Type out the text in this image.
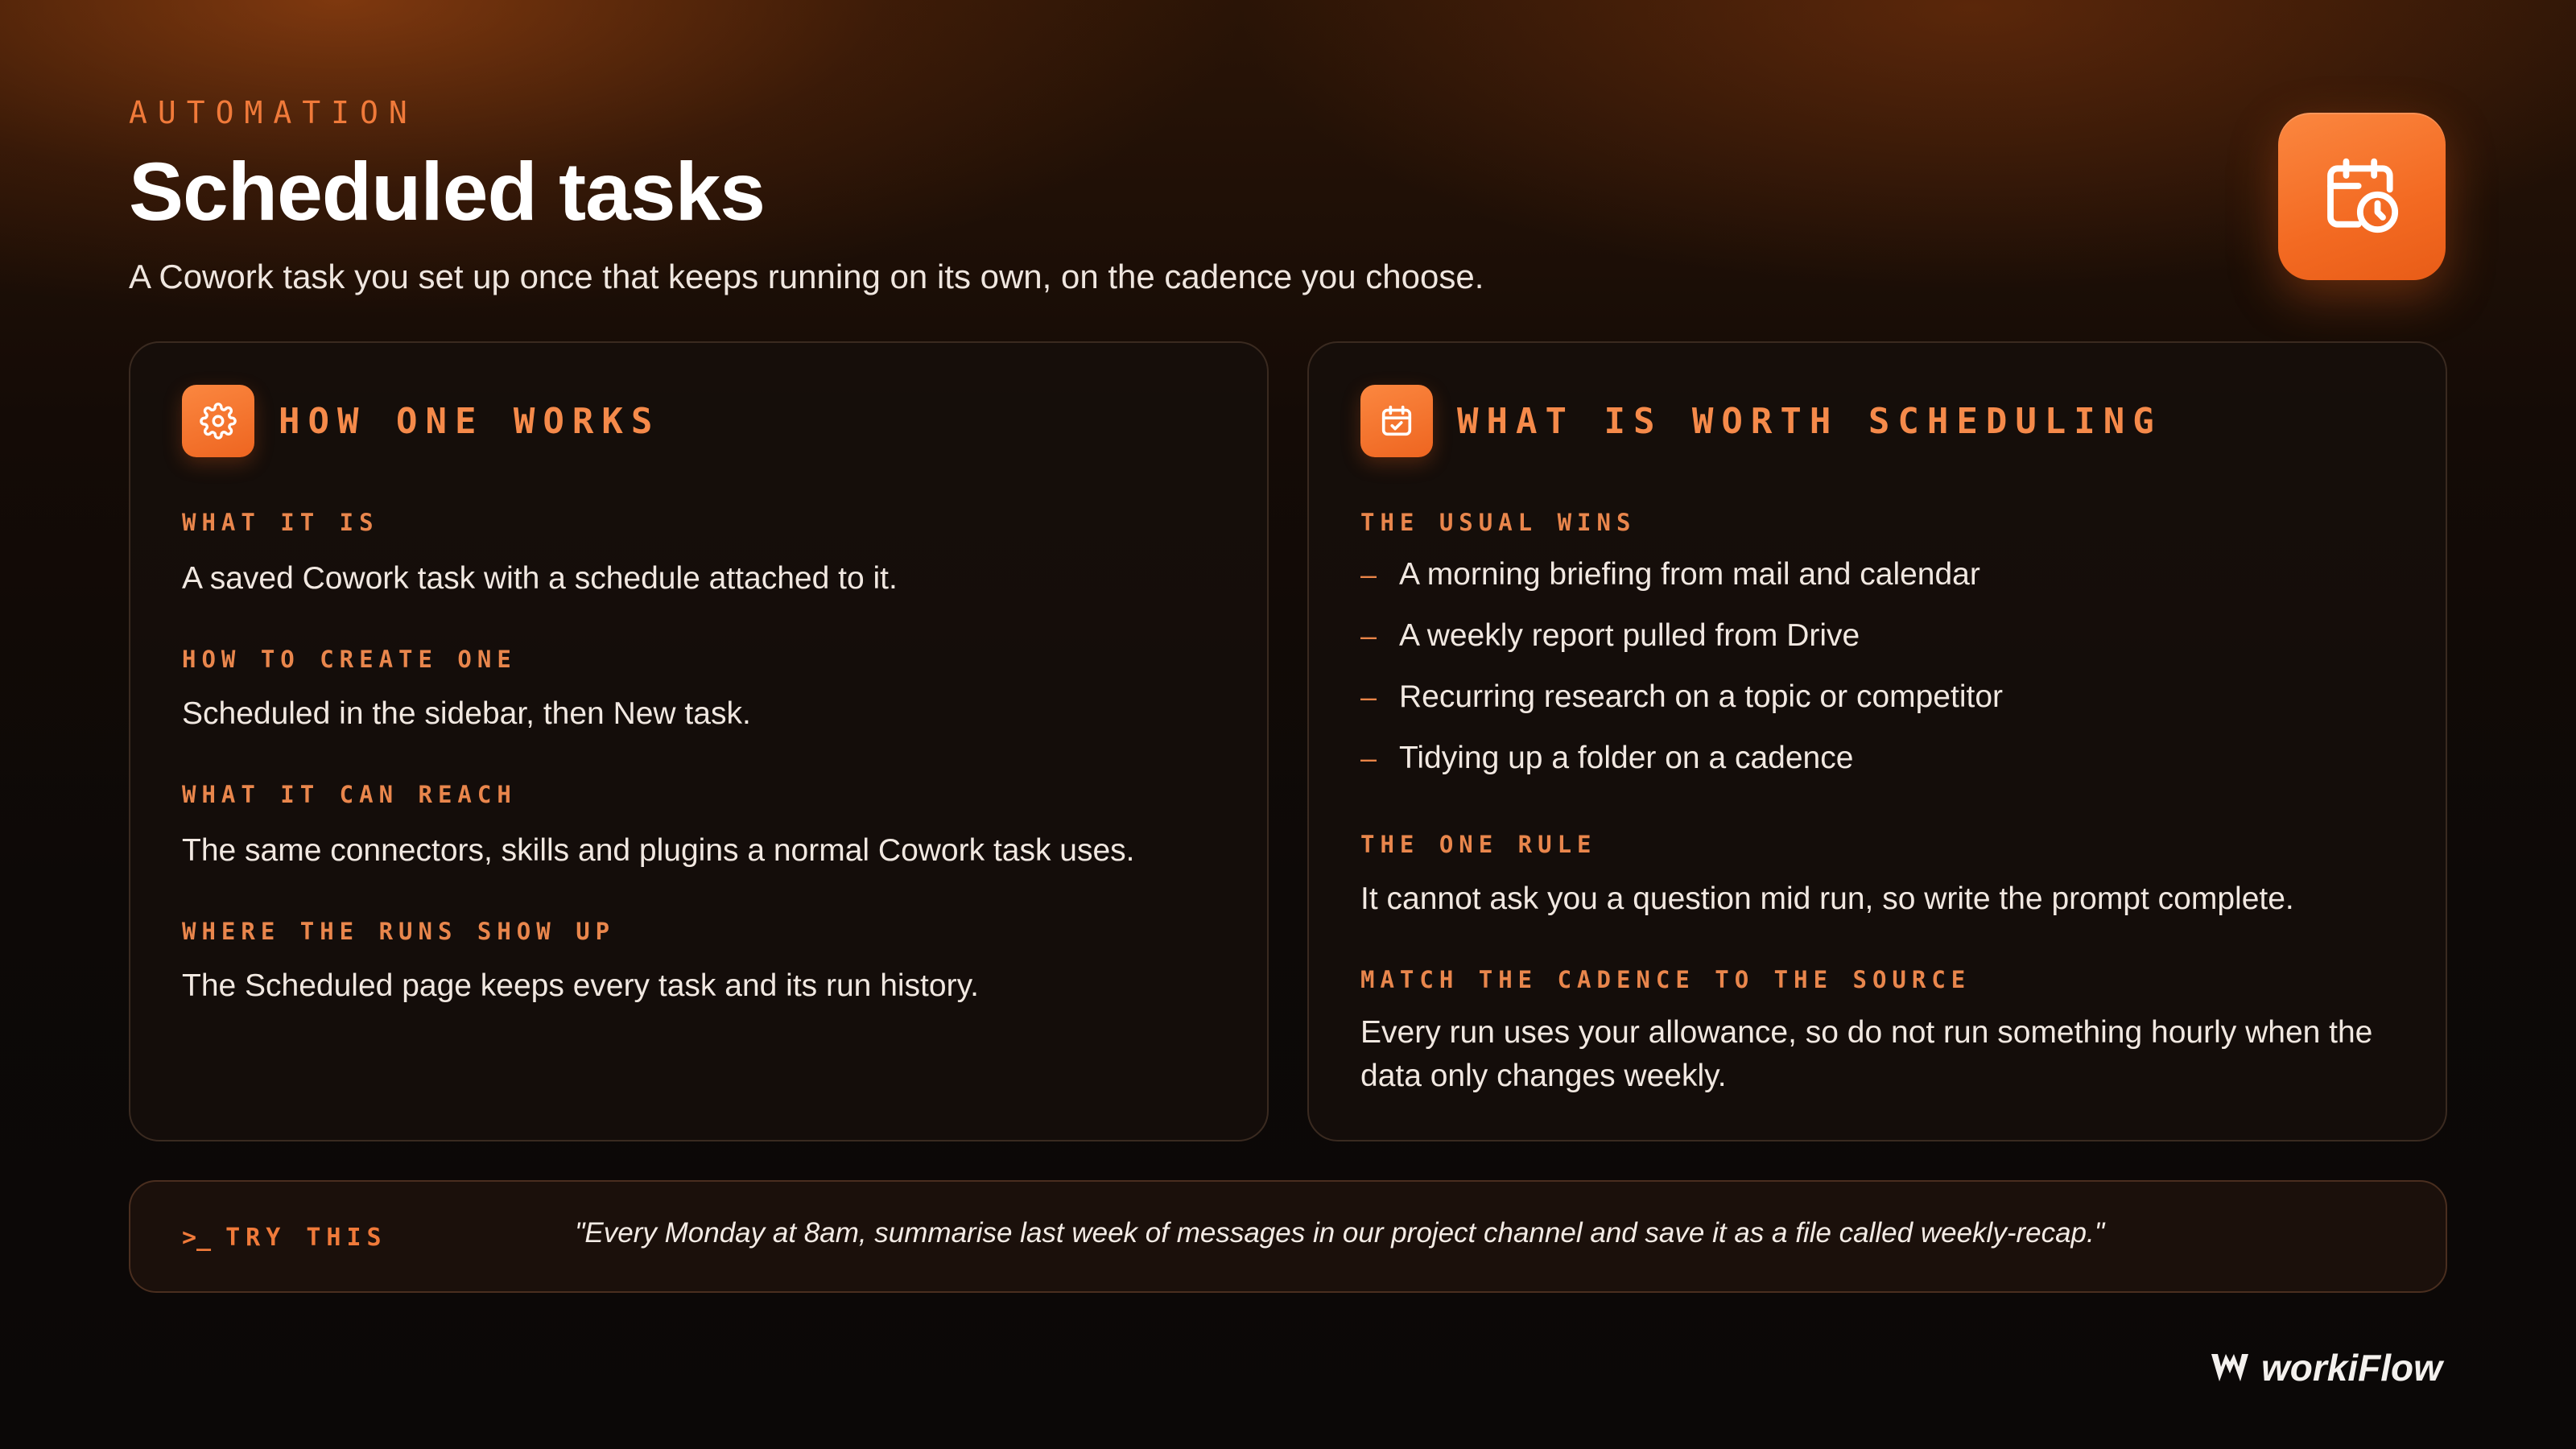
AUTOMATION
Scheduled tasks
A Cowork task you set up once that keeps running on its own, on the cadence you choose.
HOW ONE WORKS
WHAT IT IS
A saved Cowork task with a schedule attached to it.
HOW TO CREATE ONE
Scheduled in the sidebar, then New task.
WHAT IT CAN REACH
The same connectors, skills and plugins a normal Cowork task uses.
WHERE THE RUNS SHOW UP
The Scheduled page keeps every task and its run history.
WHAT IS WORTH SCHEDULING
THE USUAL WINS
– A morning briefing from mail and calendar
– A weekly report pulled from Drive
– Recurring research on a topic or competitor
– Tidying up a folder on a cadence
THE ONE RULE
It cannot ask you a question mid run, so write the prompt complete.
MATCH THE CADENCE TO THE SOURCE
Every run uses your allowance, so do not run something hourly when the data only changes weekly.
>_ TRY THIS	"Every Monday at 8am, summarise last week of messages in our project channel and save it as a file called weekly-recap."
workiFlow
